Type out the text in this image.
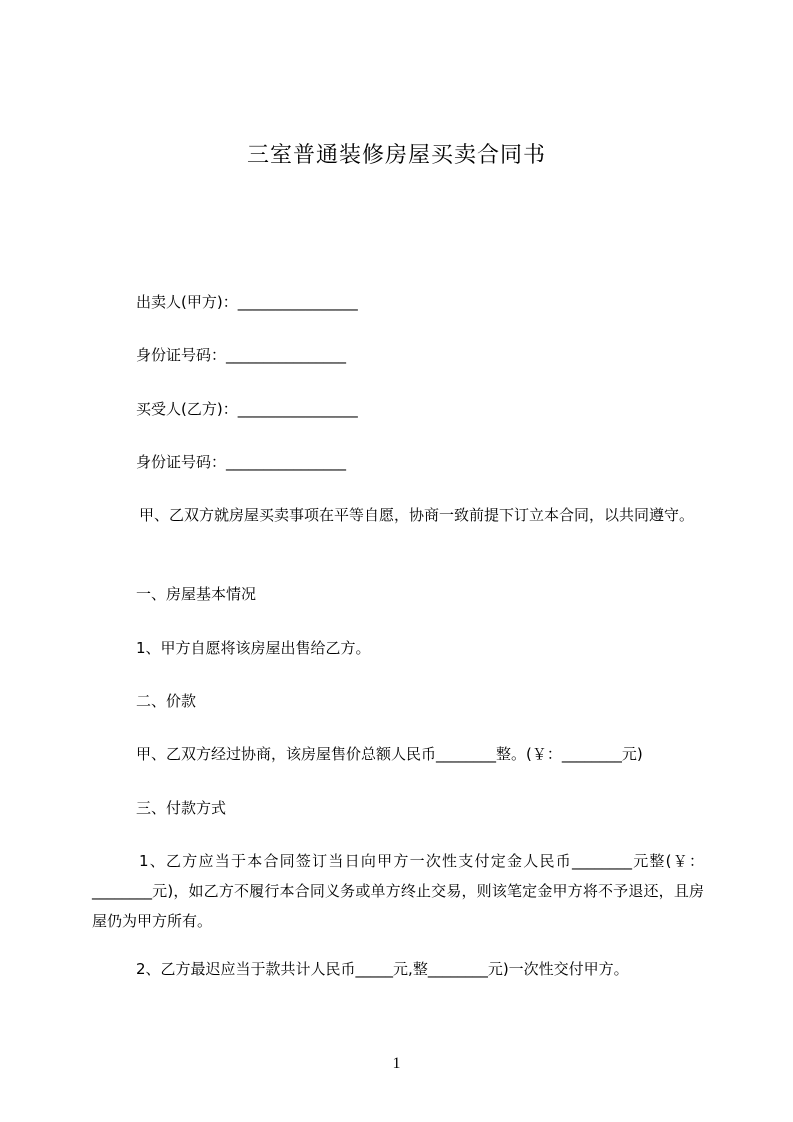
三室普通装修房屋买卖合同书
出卖人(甲方)：________________
身份证号码：________________
买受人(乙方)：________________
身份证号码：________________
甲、乙双方就房屋买卖事项在平等自愿，协商一致前提下订立本合同，以共同遵守。
一、房屋基本情况
1、甲方自愿将该房屋出售给乙方。
二、价款
甲、乙双方经过协商，该房屋售价总额人民币________整。(￥：________元)
三、付款方式
1、乙方应当于本合同签订当日向甲方一次性支付定金人民币________元整(￥：________元)，如乙方不履行本合同义务或单方终止交易，则该笔定金甲方将不予退还，且房屋仍为甲方所有。
2、乙方最迟应当于款共计人民币_____元,整________元)一次性交付甲方。
1
